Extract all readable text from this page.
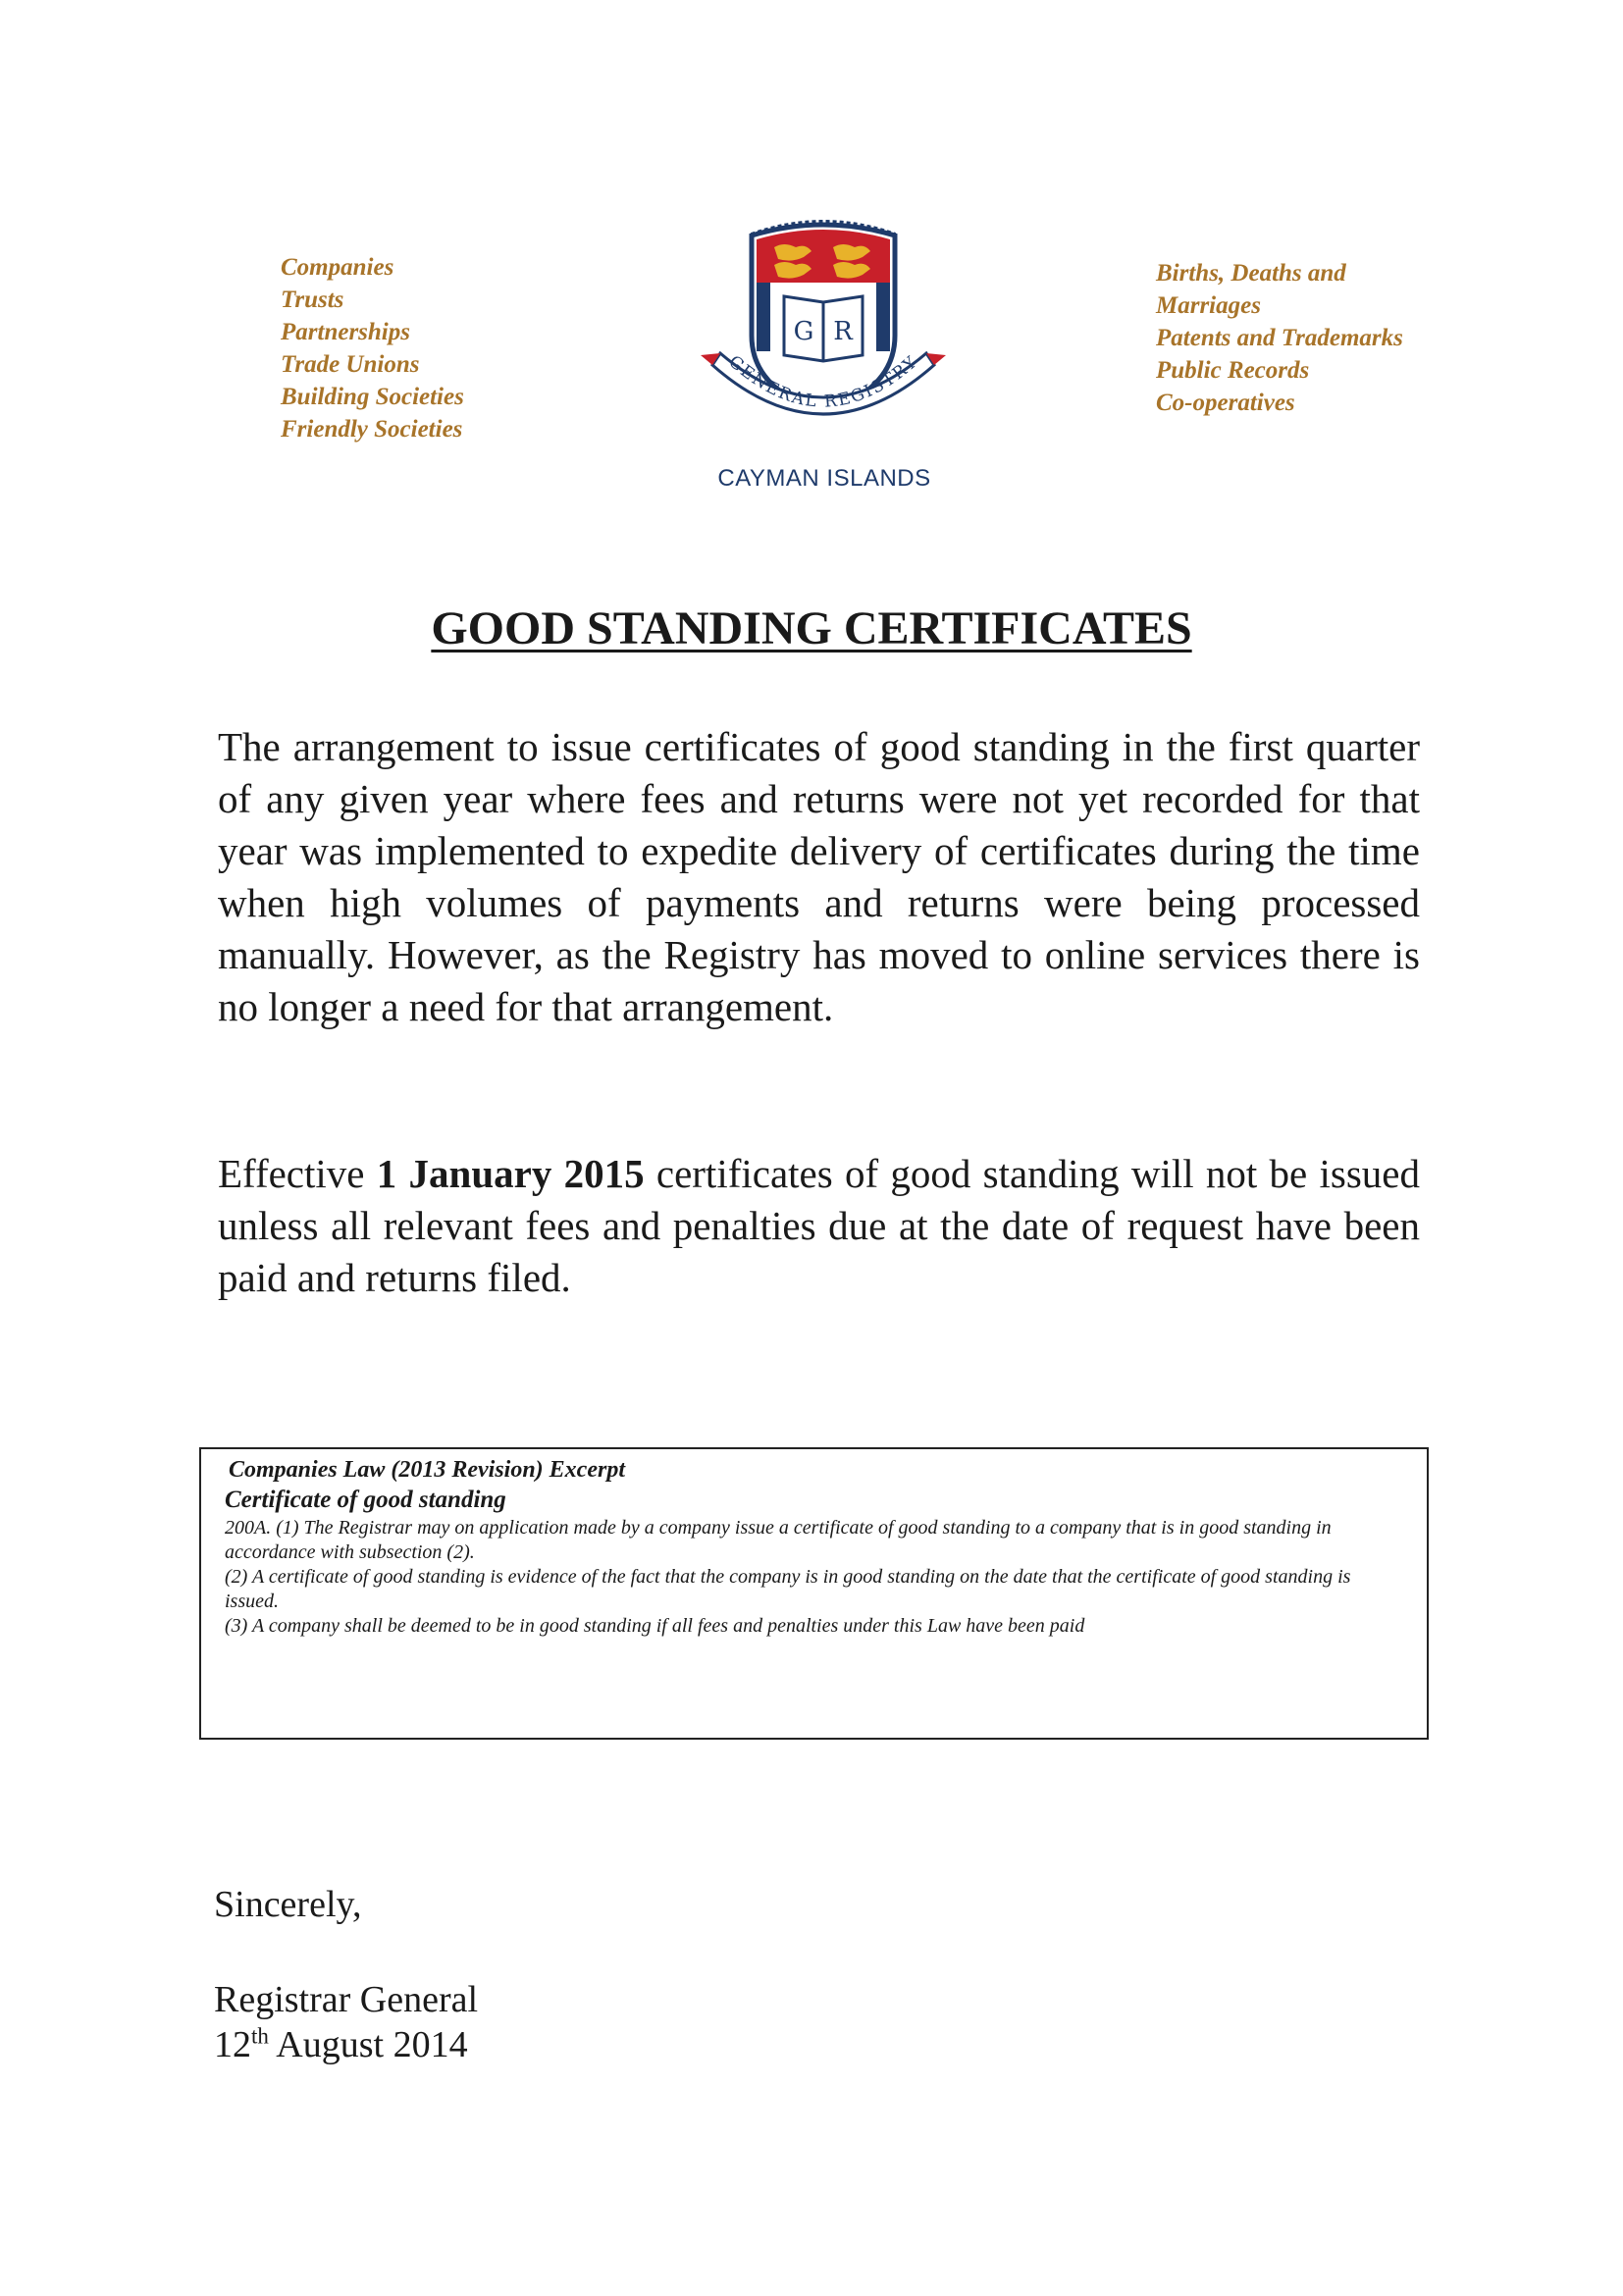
Companies
Trusts
Partnerships
Trade Unions
Building Societies
Friendly Societies
G R
GENERAL REGISTRY
CAYMAN ISLANDS
Births, Deaths and
Marriages
Patents and Trademarks
Public Records
Co-operatives
GOOD STANDING CERTIFICATES

The arrangement to issue certificates of good standing in the first quarter of any given year where fees and returns were not yet recorded for that year was implemented to expedite delivery of certificates during the time when high volumes of payments and returns were being processed manually. However, as the Registry has moved to online services there is no longer a need for that arrangement.

Effective 1 January 2015 certificates of good standing will not be issued unless all relevant fees and penalties due at the date of request have been paid and returns filed.

Companies Law (2013 Revision) Excerpt

Certificate of good standing

200A. (1) The Registrar may on application made by a company issue a certificate of good standing to a company that is in good standing in accordance with subsection (2).

(2) A certificate of good standing is evidence of the fact that the company is in good standing on the date that the certificate of good standing is issued.

(3) A company shall be deemed to be in good standing if all fees and penalties under this Law have been paid

Sincerely,

Registrar General

12th August 2014
